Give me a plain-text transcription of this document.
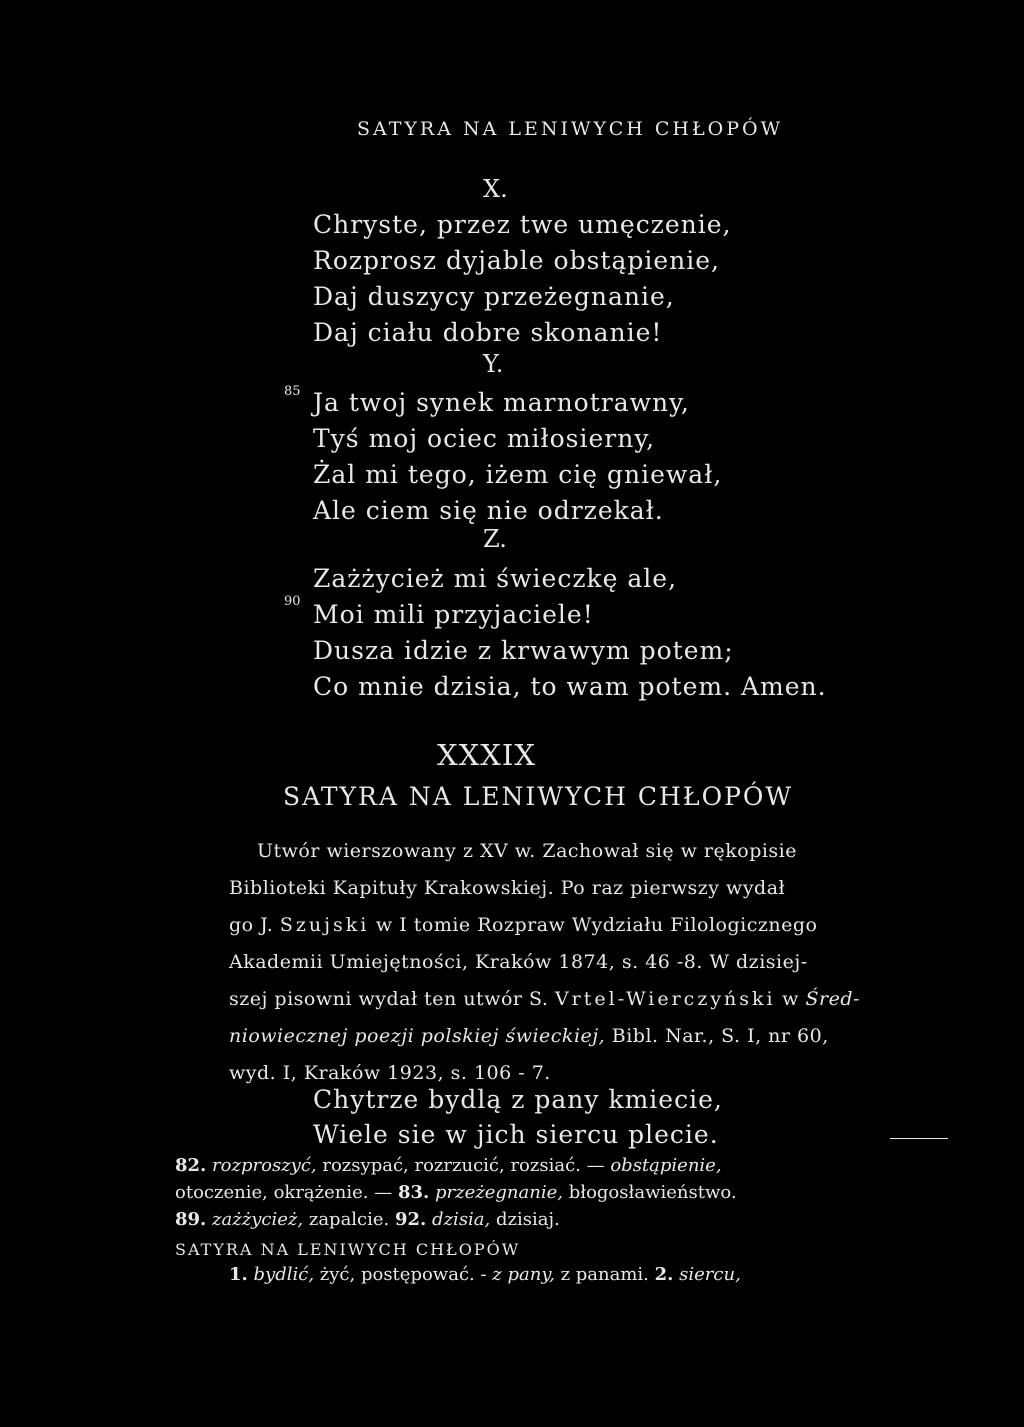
SATYRA NA LENIWYCH CHŁOPÓW
X.
Chryste, przez twe umęczenie,
Rozprosz dyjable obstąpienie,
Daj duszycy przeżegnanie,
Daj ciału dobre skonanie!
Y.
85 Ja twoj synek marnotrawny,
Tyś moj ociec miłosierny,
Żal mi tego, iżem cię gniewał,
Ale ciem się nie odrzekał.
Z.
Zażżycież mi świeczkę ale,
90 Moi mili przyjaciele!
Dusza idzie z krwawym potem;
Co mnie dzisia, to wam potem. Amen.
XXXIX
SATYRA NA LENIWYCH CHŁOPÓW
Utwór wierszowany z XV w. Zachował się w rękopisie
Biblioteki Kapituły Krakowskiej. Po raz pierwszy wydał
go J. Szujski w I tomie Rozpraw Wydziału Filologicznego
Akademii Umiejętności, Kraków 1874, s. 46 -8. W dzisiej-
szej pisowni wydał ten utwór S. Vrtel-Wierczyński w Śred-
niowiecznej poezji polskiej świeckiej, Bibl. Nar., S. I, nr 60,
wyd. I, Kraków 1923, s. 106 - 7.
Chytrze bydlą z pany kmiecie,
Wiele sie w jich siercu plecie.
82. rozproszyć, rozsypać, rozrzucić, rozsiać. — obstąpienie,
otoczenie, okrążenie. — 83. przeżegnanie, błogosławieństwo.
89. zażżycież, zapalcie. 92. dzisia, dzisiaj.
SATYRA NA LENIWYCH CHŁOPÓW
1. bydlić, żyć, postępować. - z pany, z panami. 2. siercu,
